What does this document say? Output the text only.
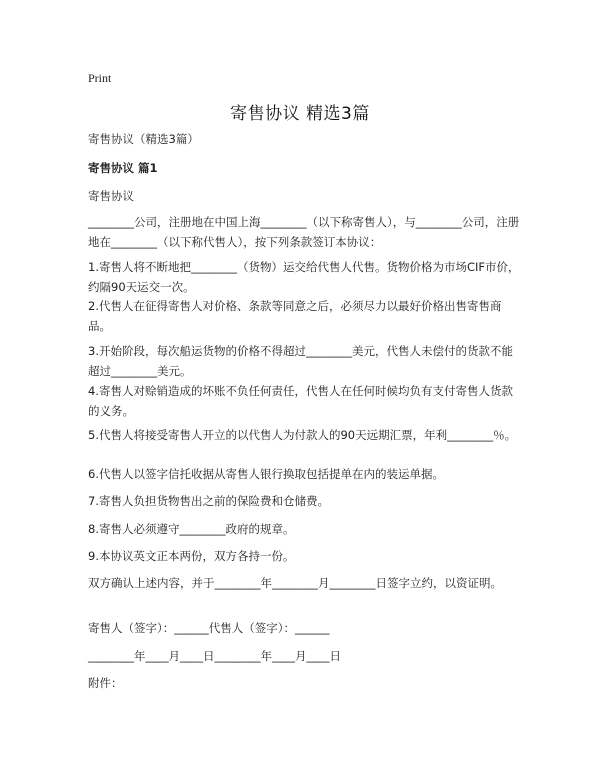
Print
寄售协议 精选3篇
寄售协议（精选3篇）
寄售协议 篇1
寄售协议
________公司，注册地在中国上海________（以下称寄售人），与________公司，注册地在________（以下称代售人），按下列条款签订本协议：
1.寄售人将不断地把________（货物）运交给代售人代售。货物价格为市场CIF市价，约隔90天运交一次。
2.代售人在征得寄售人对价格、条款等同意之后，必须尽力以最好价格出售寄售商品。
3.开始阶段，每次船运货物的价格不得超过________美元，代售人未偿付的货款不能超过________美元。
4.寄售人对赊销造成的坏账不负任何责任，代售人在任何时候均负有支付寄售人货款的义务。
5.代售人将接受寄售人开立的以代售人为付款人的90天远期汇票，年利________％。
6.代售人以签字信托收据从寄售人银行换取包括提单在内的装运单据。
7.寄售人负担货物售出之前的保险费和仓储费。
8.寄售人必须遵守________政府的规章。
9.本协议英文正本两份，双方各持一份。
双方确认上述内容，并于________年________月________日签字立约，以资证明。
寄售人（签字）：______代售人（签字）：______
________年____月____日________年____月____日
附件：
